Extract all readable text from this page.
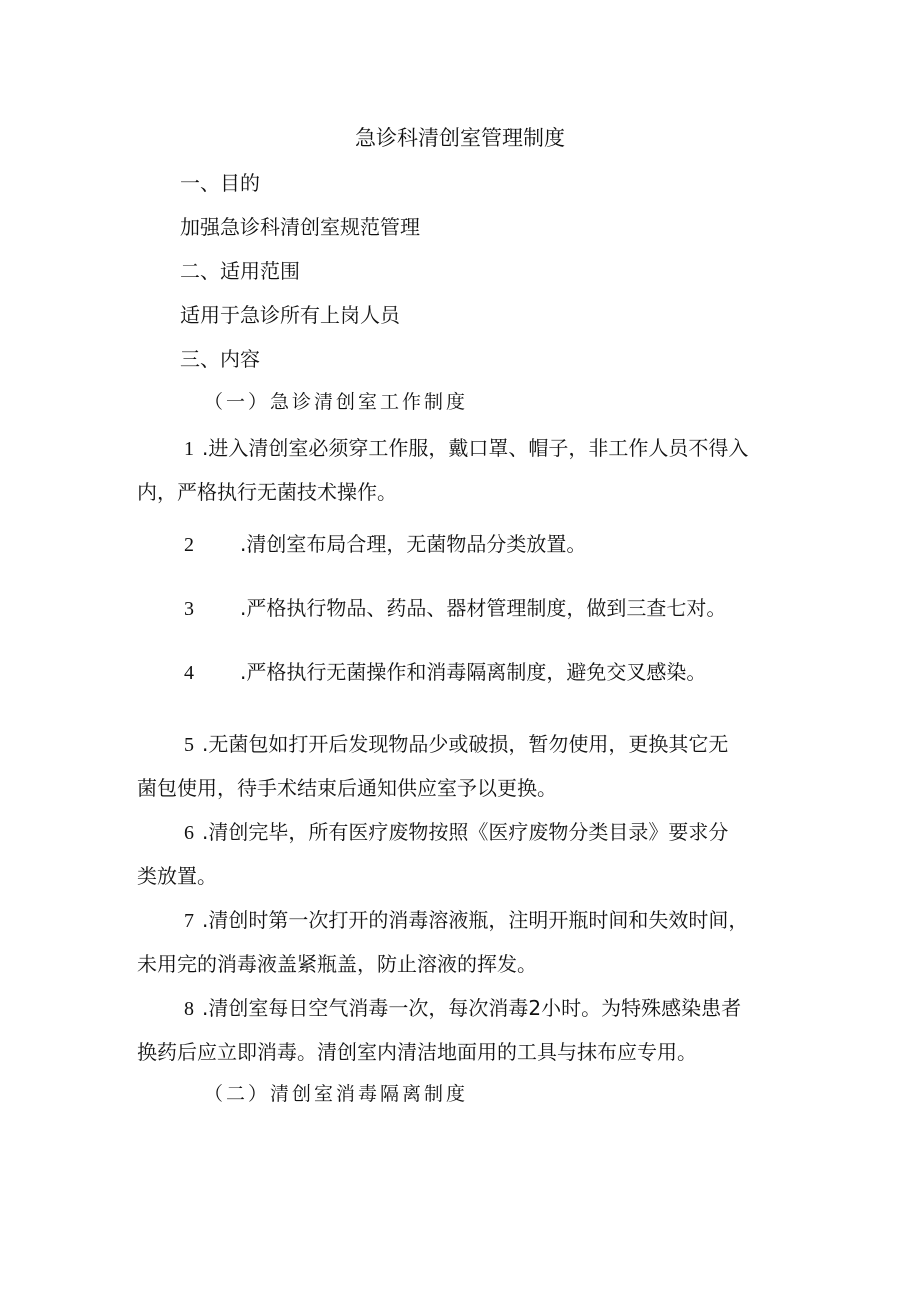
急诊科清创室管理制度
一、目的
加强急诊科清创室规范管理
二、适用范围
适用于急诊所有上岗人员
三、内容
（一）急诊清创室工作制度
1 .进入清创室必须穿工作服，戴口罩、帽子，非工作人员不得入
内，严格执行无菌技术操作。
2 .清创室布局合理，无菌物品分类放置。
3 .严格执行物品、药品、器材管理制度，做到三查七对。
4 .严格执行无菌操作和消毒隔离制度，避免交叉感染。
5 .无菌包如打开后发现物品少或破损，暂勿使用，更换其它无
菌包使用，待手术结束后通知供应室予以更换。
6 .清创完毕，所有医疗废物按照《医疗废物分类目录》要求分
类放置。
7 .清创时第一次打开的消毒溶液瓶，注明开瓶时间和失效时间，
未用完的消毒液盖紧瓶盖，防止溶液的挥发。
8 .清创室每日空气消毒一次，每次消毒2小时。为特殊感染患者
换药后应立即消毒。清创室内清洁地面用的工具与抹布应专用。
（二）清创室消毒隔离制度
